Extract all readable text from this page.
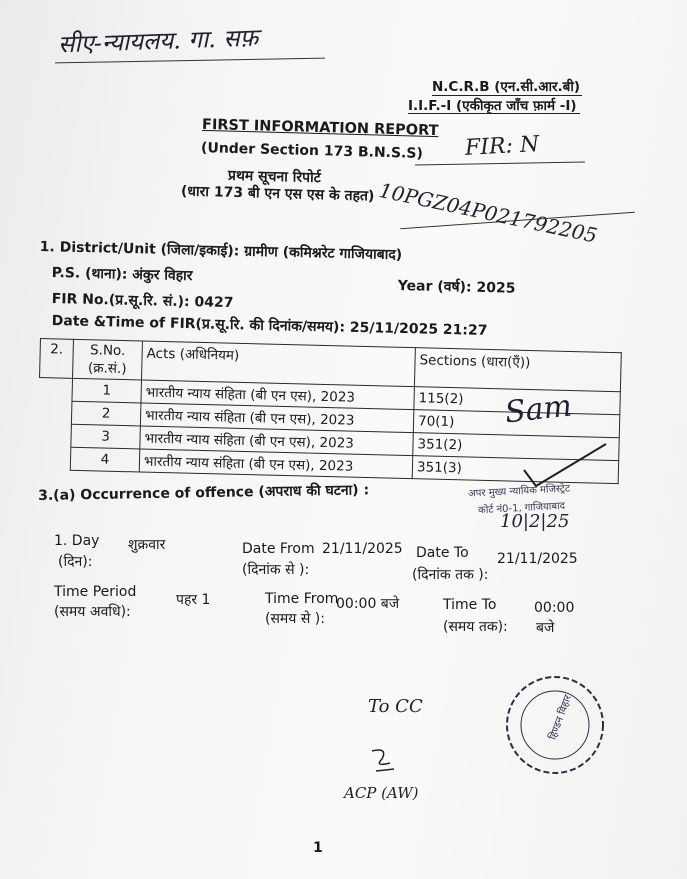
सीए-न्यायलय. गा. सफ़
N.C.R.B (एन.सी.आर.बी)
I.I.F.-I (एकीकृत जाँच फ़ार्म -I)
FIRST INFORMATION REPORT
(Under Section 173 B.N.S.S)
प्रथम सूचना रिपोर्ट
(धारा 173 बी एन एस एस के तहत)
FIR: N
10PGZ04P021792205
1. District/Unit (जिला/इकाई): ग्रामीण (कमिश्नरेट गाजियाबाद)
P.S. (थाना): अंकुर विहार
Year (वर्ष): 2025
FIR No.(प्र.सू.रि. सं.): 0427
Date &Time of FIR(प्र.सू.रि. की दिनांक/समय): 25/11/2025 21:27
2.	S.No. (क्र.सं.)	Acts (अधिनियम)	Sections (धारा(एँ))
	1	भारतीय न्याय संहिता (बी एन एस), 2023	115(2)
	2	भारतीय न्याय संहिता (बी एन एस), 2023	70(1)
	3	भारतीय न्याय संहिता (बी एन एस), 2023	351(2)
	4	भारतीय न्याय संहिता (बी एन एस), 2023	351(3)
Sam
3.(a) Occurrence of offence (अपराध की घटना) :	अपर मुख्य न्यायिक मजिस्ट्रेट
कोर्ट नं0-1, गाजियाबाद
10|2|25
1. Day
(दिन):
शुक्रवार	Date From 21/11/2025
(दिनांक से ):
Date To 21/11/2025
(दिनांक तक ):
Time Period
(समय अवधि):
पहर 1	Time From
(समय से ):
00:00 बजे	Time To
(समय तक):
00:00
बजे
To CC
ACP (AW)
हिण्डन विहार
1
